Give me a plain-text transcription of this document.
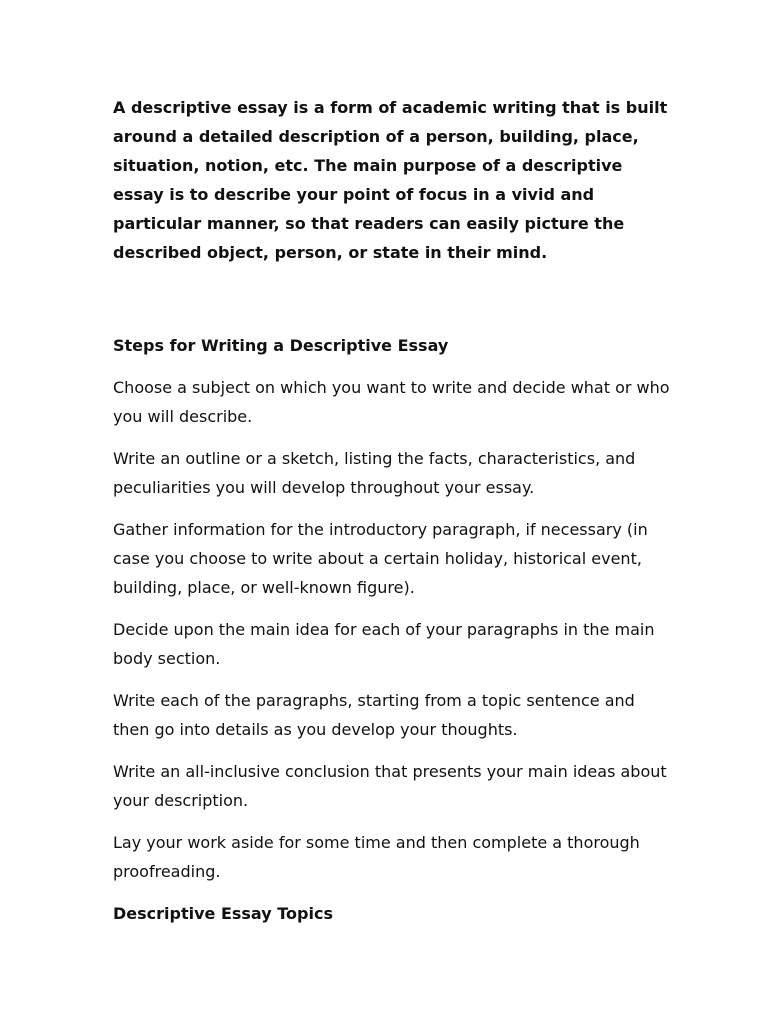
A descriptive essay is a form of academic writing that is built around a detailed description of a person, building, place, situation, notion, etc. The main purpose of a descriptive essay is to describe your point of focus in a vivid and particular manner, so that readers can easily picture the described object, person, or state in their mind.

Steps for Writing a Descriptive Essay

Choose a subject on which you want to write and decide what or who you will describe.

Write an outline or a sketch, listing the facts, characteristics, and peculiarities you will develop throughout your essay.

Gather information for the introductory paragraph, if necessary (in case you choose to write about a certain holiday, historical event, building, place, or well-known figure).

Decide upon the main idea for each of your paragraphs in the main body section.

Write each of the paragraphs, starting from a topic sentence and then go into details as you develop your thoughts.

Write an all-inclusive conclusion that presents your main ideas about your description.

Lay your work aside for some time and then complete a thorough proofreading.

Descriptive Essay Topics
